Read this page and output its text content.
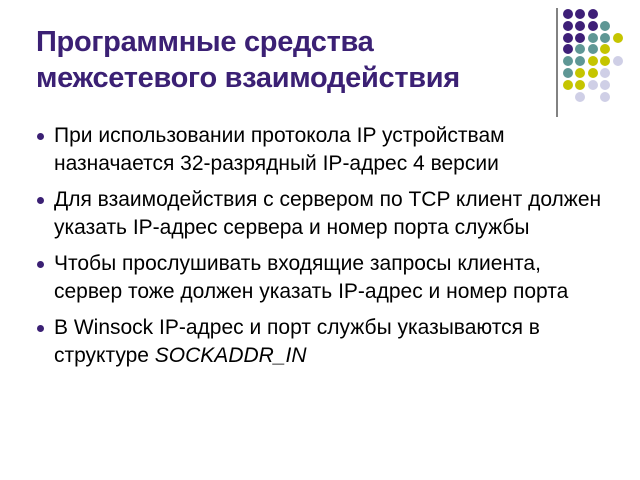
Программные средства
межсетевого взаимодействия
При использовании протокола IP устройствам назначается 32-разрядный IP-адрес 4 версии
Для взаимодействия с сервером по TCP клиент должен указать IP-адрес сервера и номер порта службы
Чтобы прослушивать входящие запросы клиента, сервер тоже должен указать IP-адрес и номер порта
В Winsock IP-адрес и порт службы указываются в структуре SOCKADDR_IN
